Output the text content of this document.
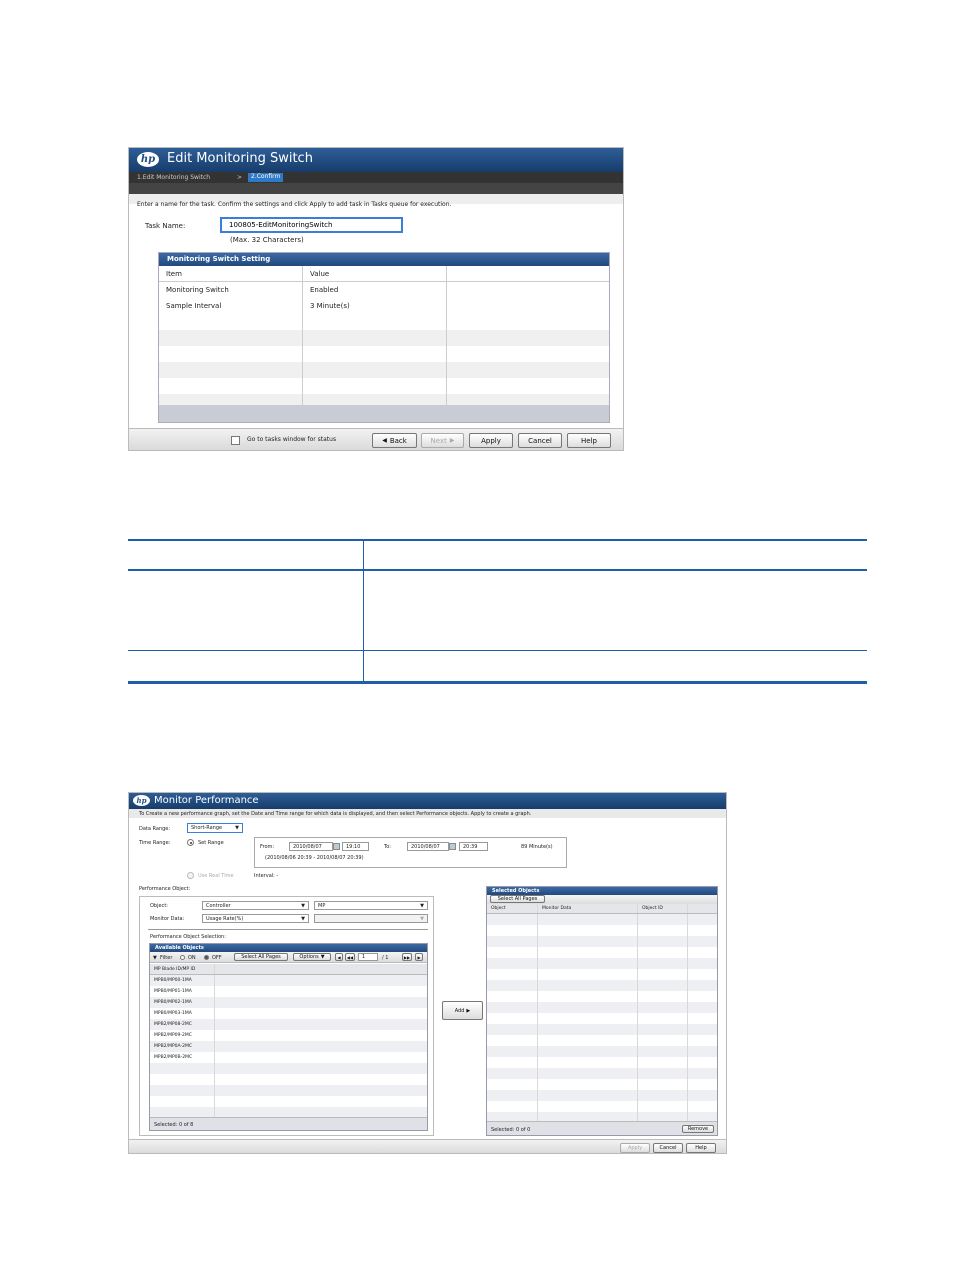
hp Edit Monitoring Switch
1.Edit Monitoring Switch	>	2.Confirm
Enter a name for the task. Confirm the settings and click Apply to add task in Tasks queue for execution.
Task Name:
100805-EditMonitoringSwitch
(Max. 32 Characters)
Monitoring Switch Setting
Item	Value
Monitoring Switch	Enabled
Sample Interval	3 Minute(s)
Go to tasks window for status	◀ Back	Next ▶	Apply	Cancel	Help
hp Monitor Performance
To Create a new performance graph, set the Date and Time range for which data is displayed, and then select Performance objects. Apply to create a graph.
Data Range:	Short-Range	▼
Time Range:	Set Range
From:	2010/08/07	19:10	To:	2010/08/07	20:39	89 Minute(s)
(2010/08/06 20:39 - 2010/08/07 20:39)
Use Real Time	Interval: -
Performance Object:
Object:	Controller	▼	MP	▼
Monitor Data:	Usage Rate(%)	▼	▼
Performance Object Selection:
Available Objects
▼ Filter	ON	OFF	Select All Pages	Options ▼	◀	◀◀	1	/ 1	▶▶	▶
MP Blade ID/MP ID
MPB0/MP00-1MA
MPB0/MP01-1MA
MPB0/MP02-1MA
MPB0/MP03-1MA
MPB2/MP08-2MC
MPB2/MP09-2MC
MPB2/MP0A-2MC
MPB2/MP0B-2MC
Selected: 0 of 8
Add ▶
Selected Objects
Select All Pages
Object	Monitor Data	Object ID
Selected: 0 of 0	Remove
Apply	Cancel	Help
